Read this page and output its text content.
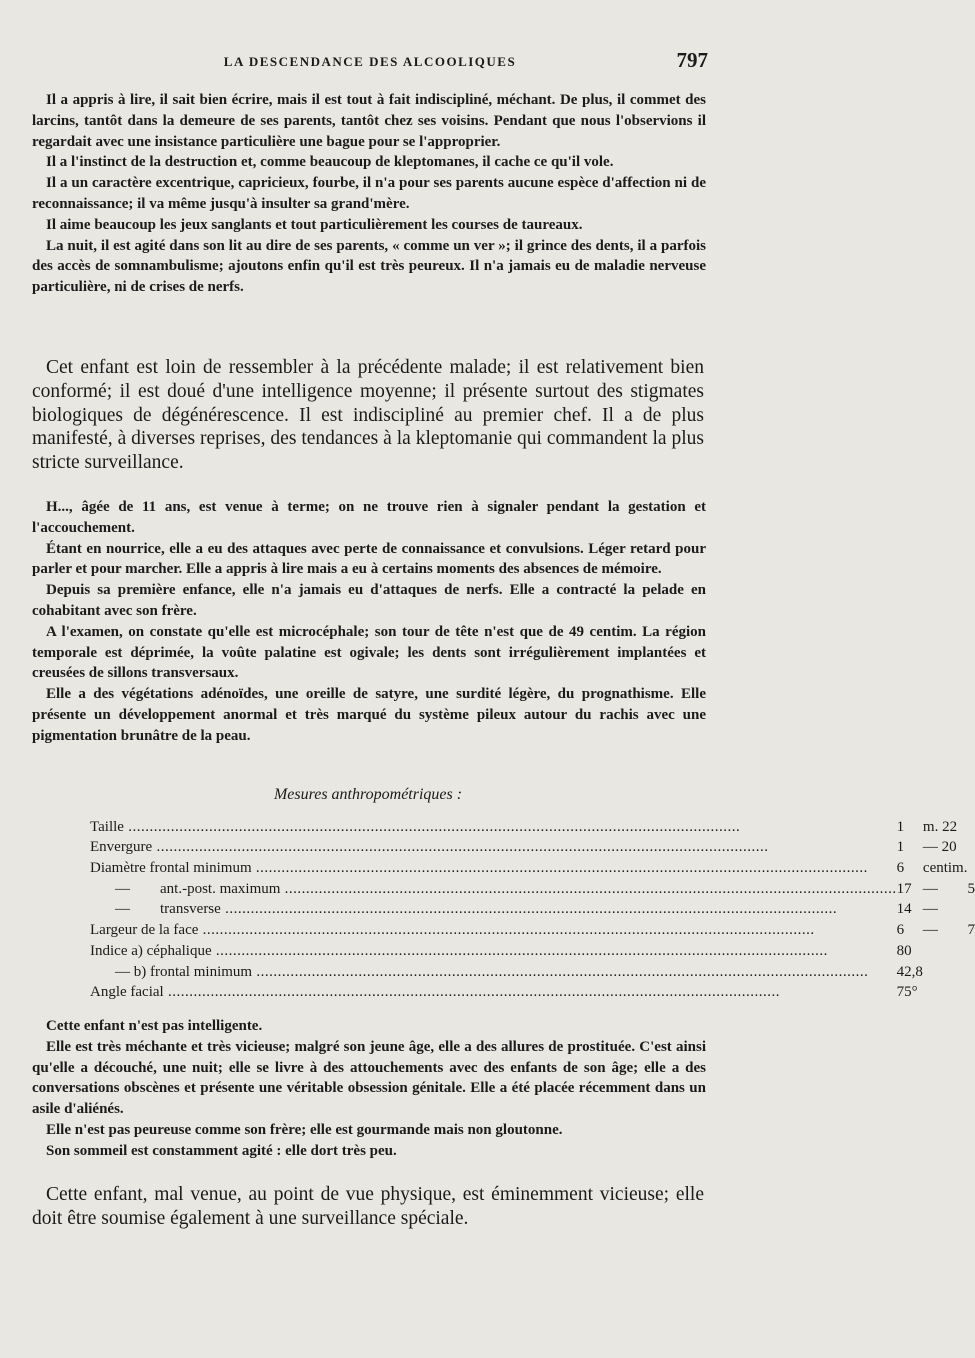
LA DESCENDANCE DES ALCOOLIQUES	797

Il a appris à lire, il sait bien écrire, mais il est tout à fait indiscipliné, méchant. De plus, il commet des larcins, tantôt dans la demeure de ses parents, tantôt chez ses voisins. Pendant que nous l'observions il regardait avec une insistance particulière une bague pour se l'approprier.

Il a l'instinct de la destruction et, comme beaucoup de kleptomanes, il cache ce qu'il vole.

Il a un caractère excentrique, capricieux, fourbe, il n'a pour ses parents aucune espèce d'affection ni de reconnaissance; il va même jusqu'à insulter sa grand'mère.

Il aime beaucoup les jeux sanglants et tout particulièrement les courses de taureaux.

La nuit, il est agité dans son lit au dire de ses parents, « comme un ver »; il grince des dents, il a parfois des accès de somnambulisme; ajoutons enfin qu'il est très peureux. Il n'a jamais eu de maladie nerveuse particulière, ni de crises de nerfs.

Cet enfant est loin de ressembler à la précédente malade; il est relativement bien conformé; il est doué d'une intelligence moyenne; il présente surtout des stigmates biologiques de dégénérescence. Il est indiscipliné au premier chef. Il a de plus manifesté, à diverses reprises, des tendances à la kleptomanie qui commandent la plus stricte surveillance.

H..., âgée de 11 ans, est venue à terme; on ne trouve rien à signaler pendant la gestation et l'accouchement.

Étant en nourrice, elle a eu des attaques avec perte de connaissance et convulsions. Léger retard pour parler et pour marcher. Elle a appris à lire mais a eu à certains moments des absences de mémoire.

Depuis sa première enfance, elle n'a jamais eu d'attaques de nerfs. Elle a contracté la pelade en cohabitant avec son frère.

A l'examen, on constate qu'elle est microcéphale; son tour de tête n'est que de 49 centim. La région temporale est déprimée, la voûte palatine est ogivale; les dents sont irrégulièrement implantées et creusées de sillons transversaux.

Elle a des végétations adénoïdes, une oreille de satyre, une surdité légère, du prognathisme. Elle présente un développement anormal et très marqué du système pileux autour du rachis avec une pigmentation brunâtre de la peau.

Mesures anthropométriques :
Taille .....	1	m. 22	
Envergure .....	1	— 20	
Diamètre frontal minimum .....	6	centim.	
—        ant.-post. maximum .....	17	—	5
—        transverse .....	14	—	
Largeur de la face .....	6	—	7
Indice a) céphalique .....	80		
— b) frontal minimum .....	42,8		
Angle facial .....	75°		

Cette enfant n'est pas intelligente.

Elle est très méchante et très vicieuse; malgré son jeune âge, elle a des allures de prostituée. C'est ainsi qu'elle a découché, une nuit; elle se livre à des attouchements avec des enfants de son âge; elle a des conversations obscènes et présente une véritable obsession génitale. Elle a été placée récemment dans un asile d'aliénés.

Elle n'est pas peureuse comme son frère; elle est gourmande mais non gloutonne.

Son sommeil est constamment agité : elle dort très peu.

Cette enfant, mal venue, au point de vue physique, est éminemment vicieuse; elle doit être soumise également à une surveillance spéciale.
